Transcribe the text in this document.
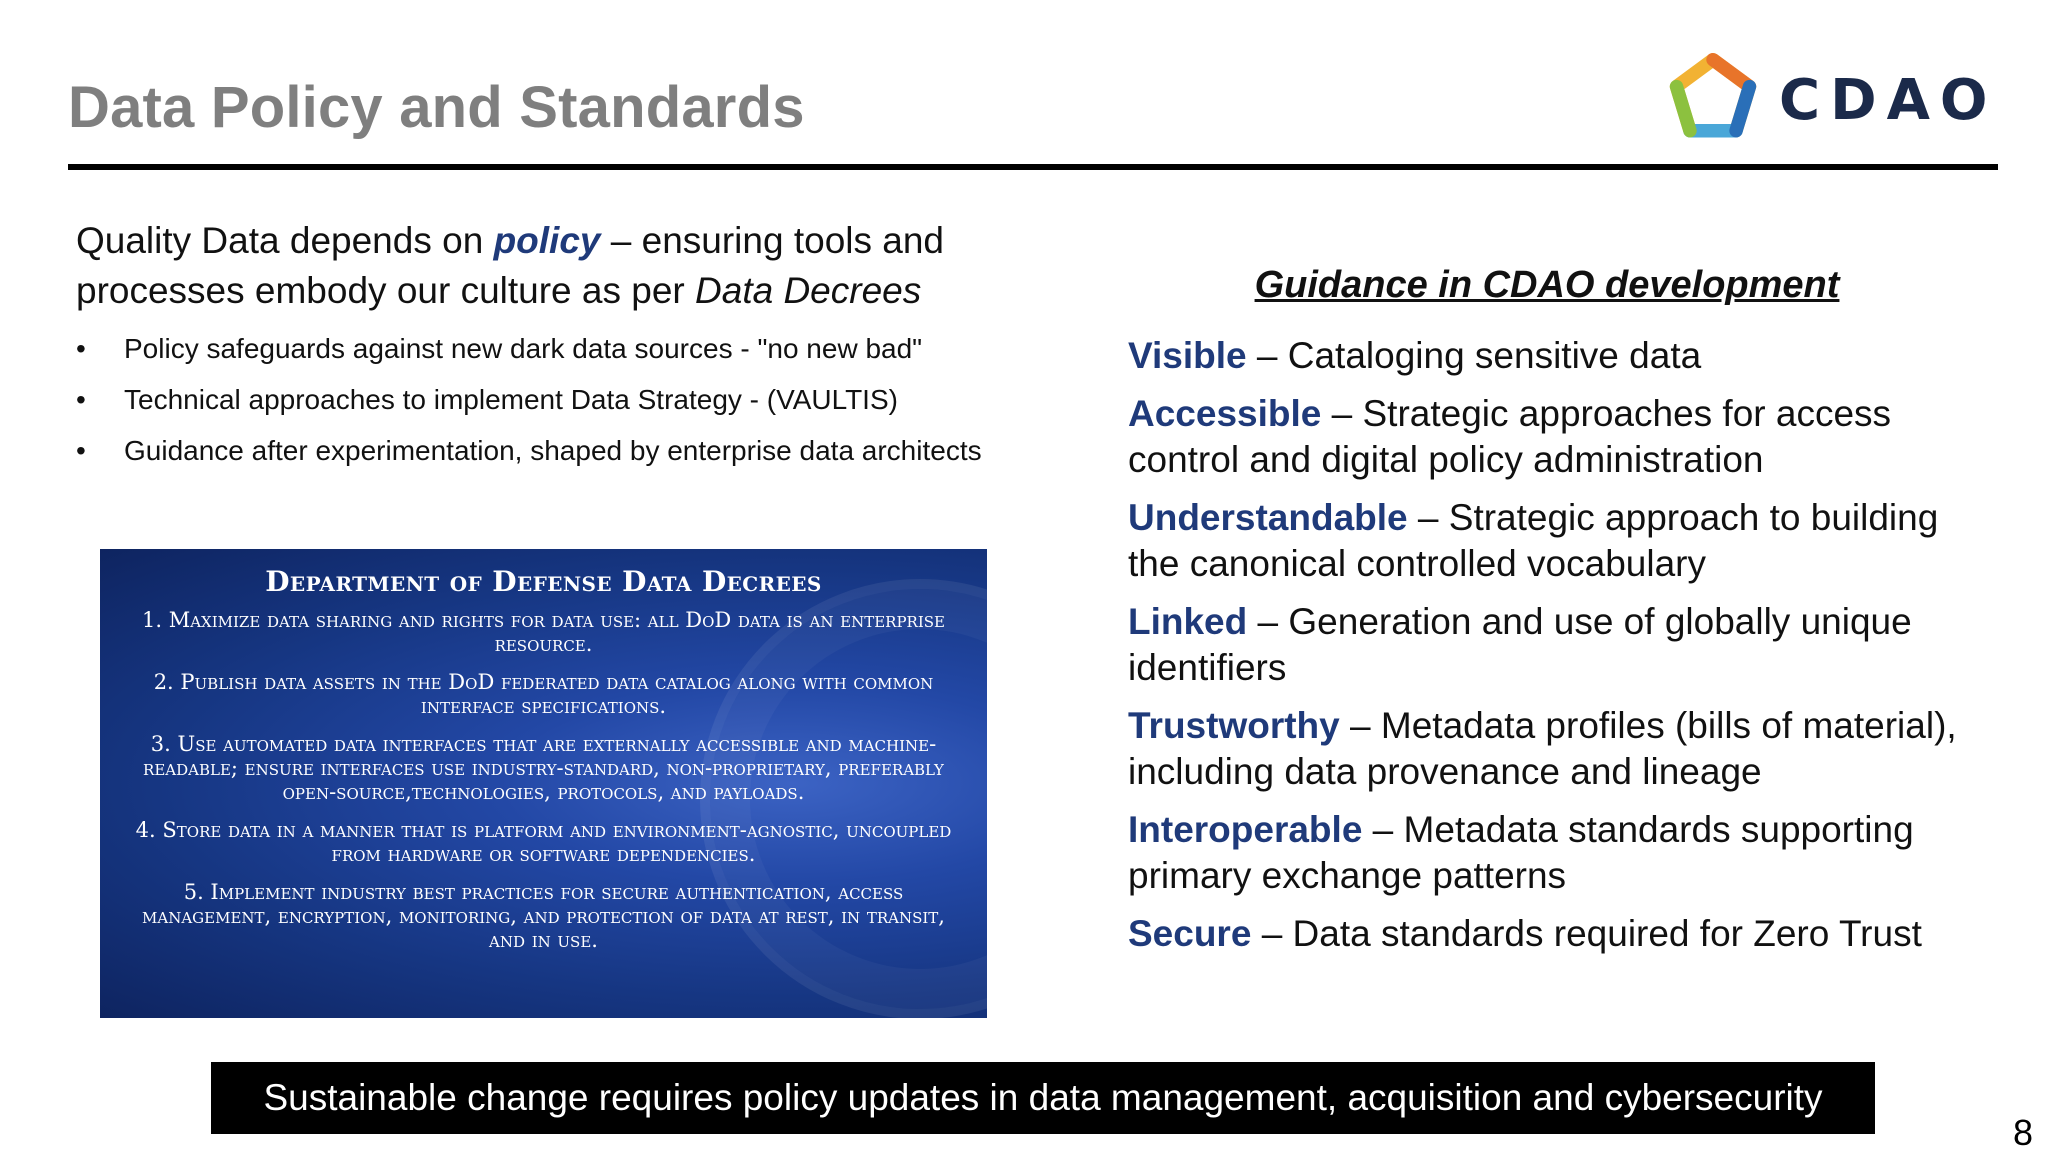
Data Policy and Standards	CDAO
Quality Data depends on policy – ensuring tools and processes embody our culture as per Data Decrees
• Policy safeguards against new dark data sources - "no new bad"
• Technical approaches to implement Data Strategy - (VAULTIS)
• Guidance after experimentation, shaped by enterprise data architects
Department of Defense Data Decrees
1. Maximize data sharing and rights for data use: all DoD data is an enterprise resource.
2. Publish data assets in the DoD federated data catalog along with common interface specifications.
3. Use automated data interfaces that are externally accessible and machine-readable; ensure interfaces use industry-standard, non-proprietary, preferably open-source,technologies, protocols, and payloads.
4. Store data in a manner that is platform and environment-agnostic, uncoupled from hardware or software dependencies.
5. Implement industry best practices for secure authentication, access management, encryption, monitoring, and protection of data at rest, in transit, and in use.
Guidance in CDAO development
Visible – Cataloging sensitive data
Accessible – Strategic approaches for access control and digital policy administration
Understandable – Strategic approach to building the canonical controlled vocabulary
Linked – Generation and use of globally unique identifiers
Trustworthy – Metadata profiles (bills of material), including data provenance and lineage
Interoperable – Metadata standards supporting primary exchange patterns
Secure – Data standards required for Zero Trust
Sustainable change requires policy updates in data management, acquisition and cybersecurity
8
